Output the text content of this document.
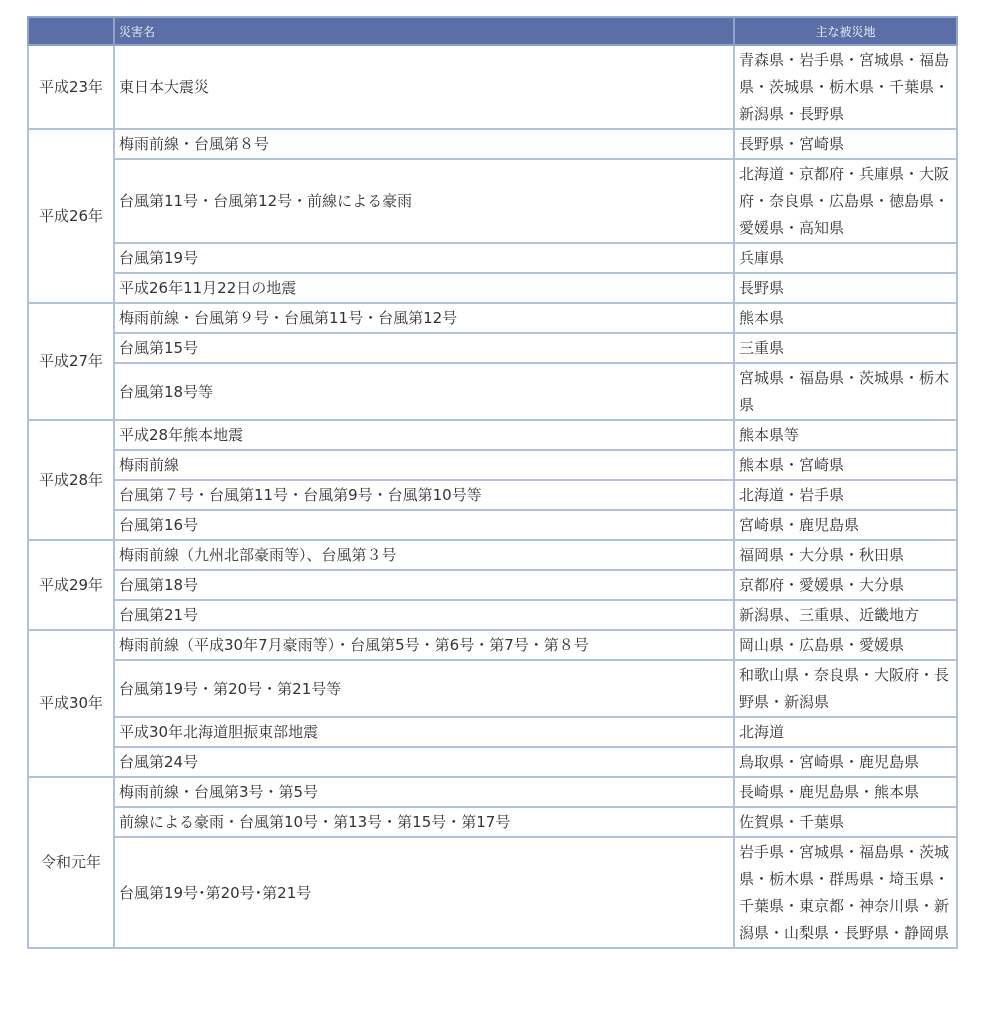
	災害名	主な被災地
平成23年	東日本大震災	青森県・岩手県・宮城県・福島県・茨城県・栃木県・千葉県・新潟県・長野県
平成26年	梅雨前線・台風第８号	長野県・宮崎県
	台風第11号・台風第12号・前線による豪雨	北海道・京都府・兵庫県・大阪府・奈良県・広島県・徳島県・愛媛県・高知県
	台風第19号	兵庫県
	平成26年11月22日の地震	長野県
平成27年	梅雨前線・台風第９号・台風第11号・台風第12号	熊本県
	台風第15号	三重県
	台風第18号等	宮城県・福島県・茨城県・栃木県
平成28年	平成28年熊本地震	熊本県等
	梅雨前線	熊本県・宮崎県
	台風第７号・台風第11号・台風第9号・台風第10号等	北海道・岩手県
	台風第16号	宮崎県・鹿児島県
平成29年	梅雨前線（九州北部豪雨等）、台風第３号	福岡県・大分県・秋田県
	台風第18号	京都府・愛媛県・大分県
	台風第21号	新潟県、三重県、近畿地方
平成30年	梅雨前線（平成30年7月豪雨等）・台風第5号・第6号・第7号・第８号	岡山県・広島県・愛媛県
	台風第19号・第20号・第21号等	和歌山県・奈良県・大阪府・長野県・新潟県
	平成30年北海道胆振東部地震	北海道
	台風第24号	鳥取県・宮崎県・鹿児島県
令和元年	梅雨前線・台風第3号・第5号	長崎県・鹿児島県・熊本県
	前線による豪雨・台風第10号・第13号・第15号・第17号	佐賀県・千葉県
	台風第19号･第20号･第21号	岩手県・宮城県・福島県・茨城県・栃木県・群馬県・埼玉県・千葉県・東京都・神奈川県・新潟県・山梨県・長野県・静岡県
